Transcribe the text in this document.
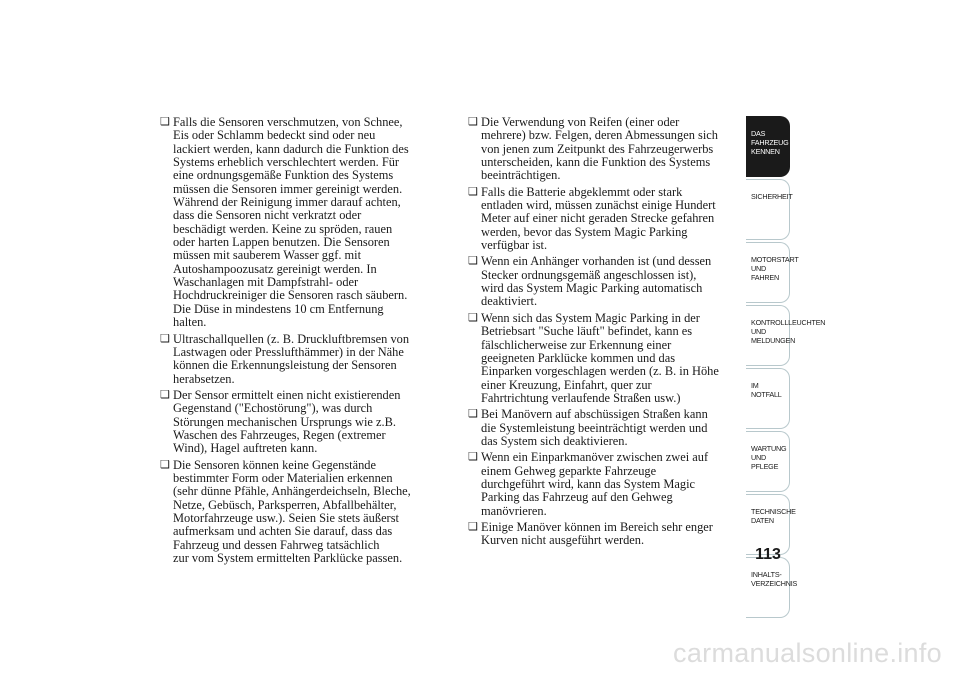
❑ Falls die Sensoren verschmutzen, von Schnee,
Eis oder Schlamm bedeckt sind oder neu
lackiert werden, kann dadurch die Funktion des
Systems erheblich verschlechtert werden. Für
eine ordnungsgemäße Funktion des Systems
müssen die Sensoren immer gereinigt werden.
Während der Reinigung immer darauf achten,
dass die Sensoren nicht verkratzt oder
beschädigt werden. Keine zu spröden, rauen
oder harten Lappen benutzen. Die Sensoren
müssen mit sauberem Wasser ggf. mit
Autoshampoozusatz gereinigt werden. In
Waschanlagen mit Dampfstrahl- oder
Hochdruckreiniger die Sensoren rasch säubern.
Die Düse in mindestens 10 cm Entfernung
halten.
❑ Ultraschallquellen (z. B. Druckluftbremsen von
Lastwagen oder Presslufthämmer) in der Nähe
können die Erkennungsleistung der Sensoren
herabsetzen.
❑ Der Sensor ermittelt einen nicht existierenden
Gegenstand ("Echostörung"), was durch
Störungen mechanischen Ursprungs wie z.B.
Waschen des Fahrzeuges, Regen (extremer
Wind), Hagel auftreten kann.
❑ Die Sensoren können keine Gegenstände
bestimmter Form oder Materialien erkennen
(sehr dünne Pfähle, Anhängerdeichseln, Bleche,
Netze, Gebüsch, Parksperren, Abfallbehälter,
Motorfahrzeuge usw.). Seien Sie stets äußerst
aufmerksam und achten Sie darauf, dass das
Fahrzeug und dessen Fahrweg tatsächlich
zur vom System ermittelten Parklücke passen.
❑ Die Verwendung von Reifen (einer oder
mehrere) bzw. Felgen, deren Abmessungen sich
von jenen zum Zeitpunkt des Fahrzeugerwerbs
unterscheiden, kann die Funktion des Systems
beeinträchtigen.
❑ Falls die Batterie abgeklemmt oder stark
entladen wird, müssen zunächst einige Hundert
Meter auf einer nicht geraden Strecke gefahren
werden, bevor das System Magic Parking
verfügbar ist.
❑ Wenn ein Anhänger vorhanden ist (und dessen
Stecker ordnungsgemäß angeschlossen ist),
wird das System Magic Parking automatisch
deaktiviert.
❑ Wenn sich das System Magic Parking in der
Betriebsart "Suche läuft" befindet, kann es
fälschlicherweise zur Erkennung einer
geeigneten Parklücke kommen und das
Einparken vorgeschlagen werden (z. B. in Höhe
einer Kreuzung, Einfahrt, quer zur
Fahrtrichtung verlaufende Straßen usw.)
❑ Bei Manövern auf abschüssigen Straßen kann
die Systemleistung beeinträchtigt werden und
das System sich deaktivieren.
❑ Wenn ein Einparkmanöver zwischen zwei auf
einem Gehweg geparkte Fahrzeuge
durchgeführt wird, kann das System Magic
Parking das Fahrzeug auf den Gehweg
manövrieren.
❑ Einige Manöver können im Bereich sehr enger
Kurven nicht ausgeführt werden.
DAS FAHRZEUG
KENNEN
SICHERHEIT
MOTORSTART UND
FAHREN
KONTROLLLEUCHTEN
UND MELDUNGEN
IM NOTFALL
WARTUNG UND
PFLEGE
TECHNISCHE
DATEN
INHALTS-
VERZEICHNIS
113
carmanualsonline.info
